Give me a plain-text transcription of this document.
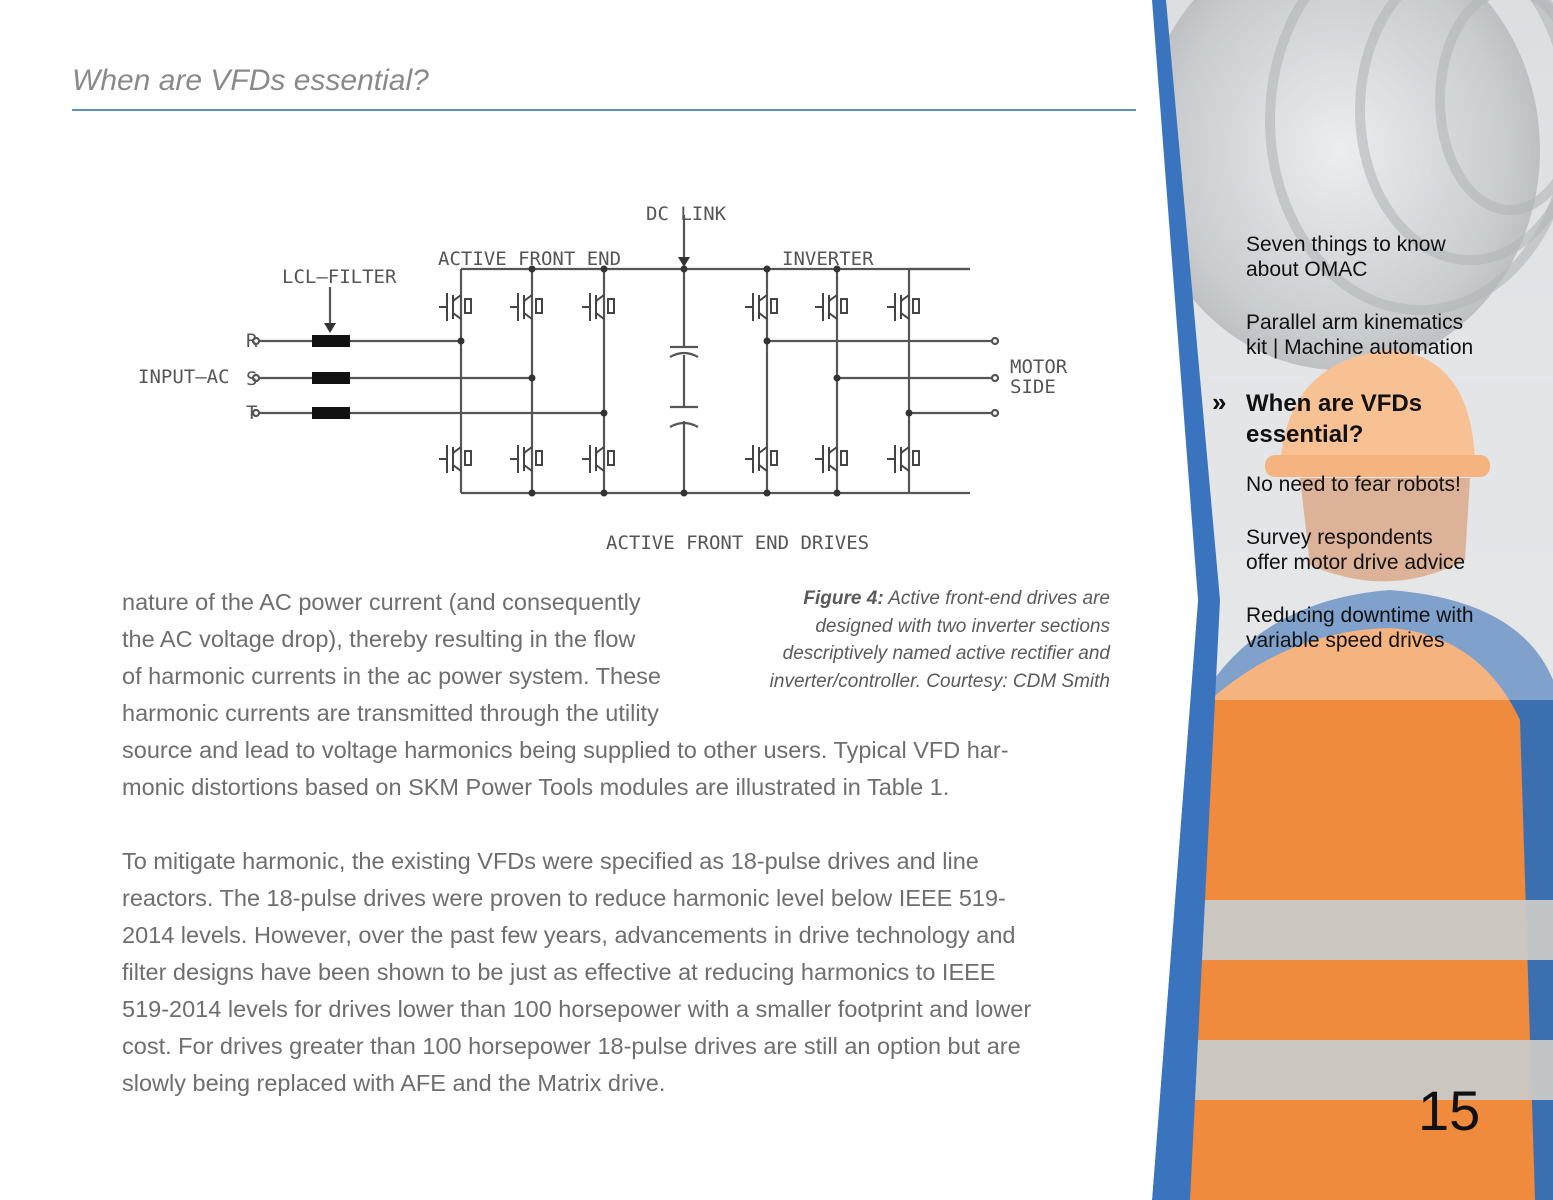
When are VFDs essential?
DC LINK
ACTIVE FRONT END	INVERTER
LCL–FILTER
INPUT–AC
R
S
T
MOTOR
SIDE
ACTIVE FRONT END DRIVES
Figure 4: Active front-end drives are
designed with two inverter sections
descriptively named active rectifier and
inverter/controller. Courtesy: CDM Smith
nature of the AC power current (and consequently
the AC voltage drop), thereby resulting in the flow
of harmonic currents in the ac power system. These
harmonic currents are transmitted through the utility
source and lead to voltage harmonics being supplied to other users. Typical VFD har-
monic distortions based on SKM Power Tools modules are illustrated in Table 1.
To mitigate harmonic, the existing VFDs were specified as 18-pulse drives and line
reactors. The 18-pulse drives were proven to reduce harmonic level below IEEE 519-
2014 levels. However, over the past few years, advancements in drive technology and
filter designs have been shown to be just as effective at reducing harmonics to IEEE
519-2014 levels for drives lower than 100 horsepower with a smaller footprint and lower
cost. For drives greater than 100 horsepower 18-pulse drives are still an option but are
slowly being replaced with AFE and the Matrix drive.
Seven things to know
about OMAC
Parallel arm kinematics
kit | Machine automation
» When are VFDs
essential?
No need to fear robots!
Survey respondents
offer motor drive advice
Reducing downtime with
variable speed drives
15
